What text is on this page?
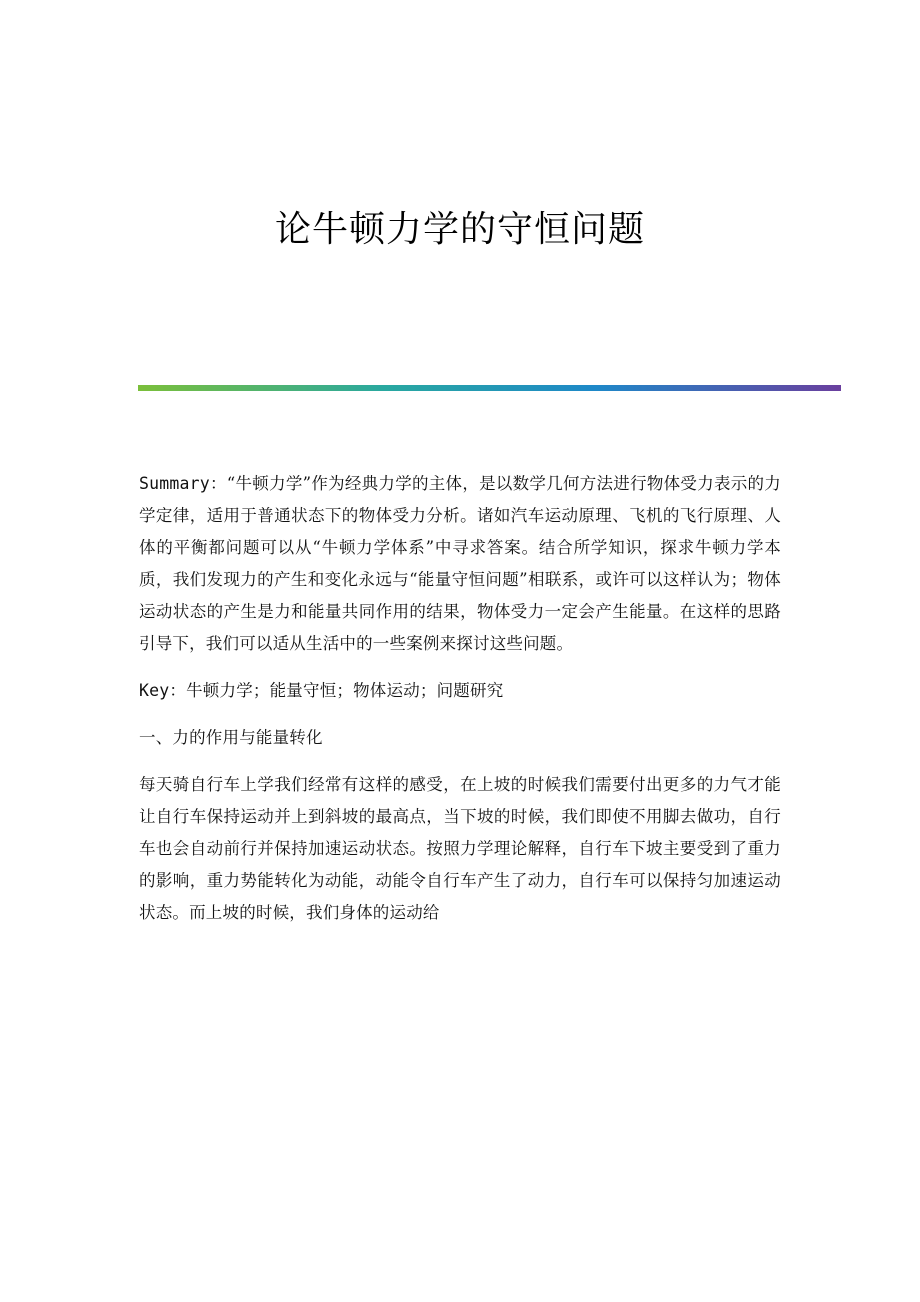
论牛顿力学的守恒问题

Summary：“牛顿力学”作为经典力学的主体，是以数学几何方法进行物体受力表示的力学定律，适用于普通状态下的物体受力分析。诸如汽车运动原理、飞机的飞行原理、人体的平衡都问题可以从“牛顿力学体系”中寻求答案。结合所学知识，探求牛顿力学本质，我们发现力的产生和变化永远与“能量守恒问题”相联系，或许可以这样认为；物体运动状态的产生是力和能量共同作用的结果，物体受力一定会产生能量。在这样的思路引导下，我们可以适从生活中的一些案例来探讨这些问题。

Key：牛顿力学；能量守恒；物体运动；问题研究

一、力的作用与能量转化

每天骑自行车上学我们经常有这样的感受，在上坡的时候我们需要付出更多的力气才能让自行车保持运动并上到斜坡的最高点，当下坡的时候，我们即使不用脚去做功，自行车也会自动前行并保持加速运动状态。按照力学理论解释，自行车下坡主要受到了重力的影响，重力势能转化为动能，动能令自行车产生了动力，自行车可以保持匀加速运动状态。而上坡的时候，我们身体的运动给
